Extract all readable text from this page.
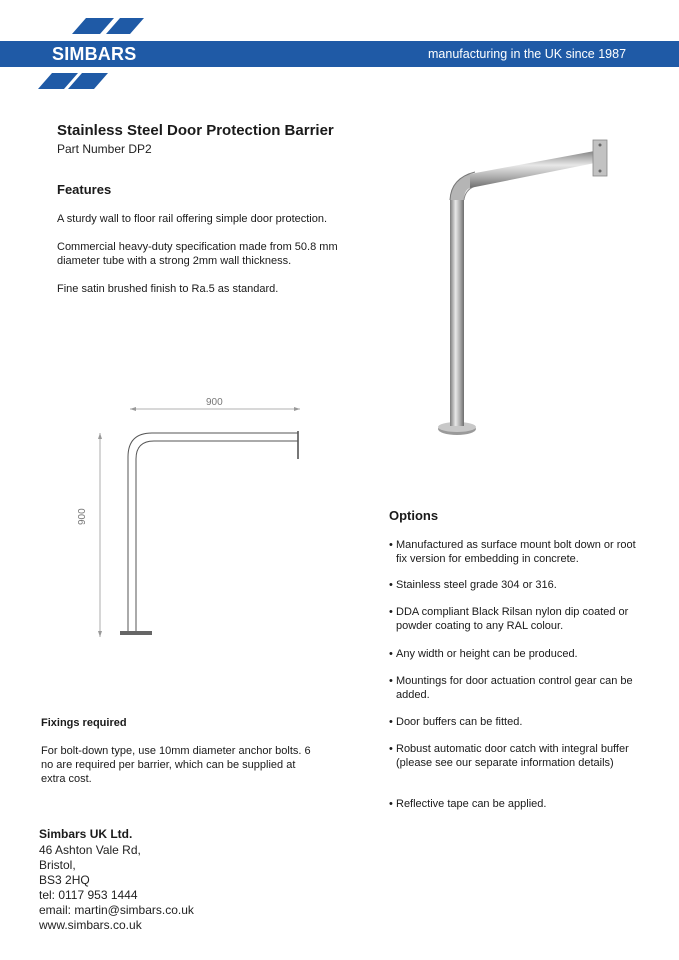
SIMBARS	manufacturing in the UK since 1987
Stainless Steel Door Protection Barrier
Part Number DP2
Features
A sturdy wall to floor rail offering simple door protection.
Commercial heavy-duty specification made from 50.8 mm diameter tube with a strong 2mm wall thickness.
Fine satin brushed finish to Ra.5 as standard.
900
900
Fixings required
For bolt-down type, use 10mm diameter anchor bolts. 6 no are required per barrier, which can be supplied at extra cost.
Options
• Manufactured as surface mount bolt down or root fix version for embedding in concrete.
• Stainless steel grade 304 or 316.
• DDA compliant Black Rilsan nylon dip coated or powder coating to any RAL colour.
• Any width or height can be produced.
• Mountings for door actuation control gear can be added.
• Door buffers can be fitted.
• Robust automatic door catch with integral buffer (please see our separate information details)
• Reflective tape can be applied.
Simbars UK Ltd.
46 Ashton Vale Rd,
Bristol,
BS3 2HQ
tel: 0117 953 1444
email: martin@simbars.co.uk
www.simbars.co.uk
